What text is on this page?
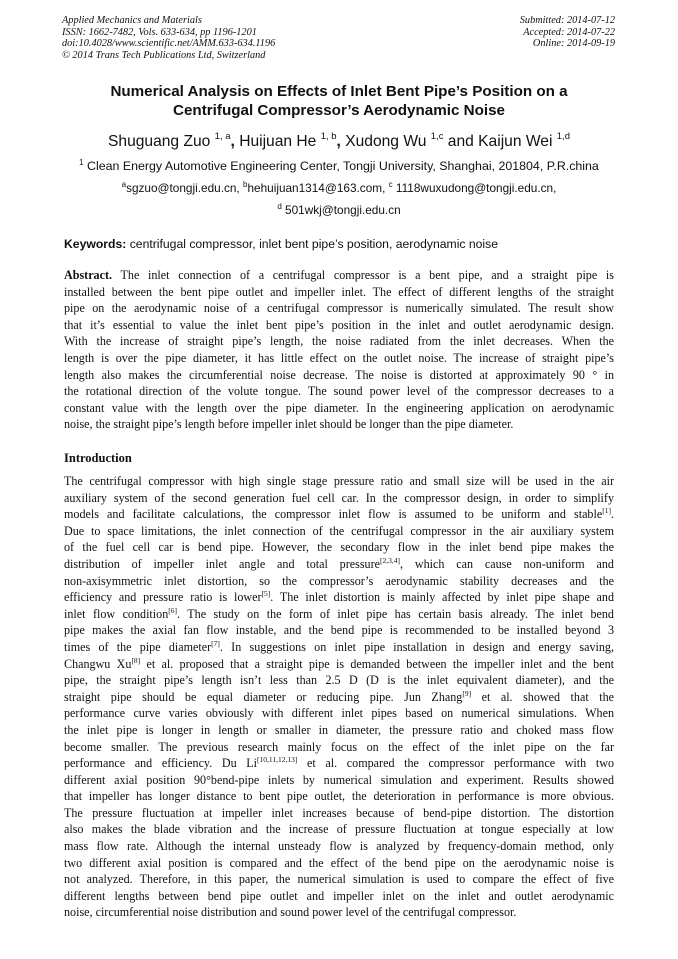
Applied Mechanics and Materials
ISSN: 1662-7482, Vols. 633-634, pp 1196-1201
doi:10.4028/www.scientific.net/AMM.633-634.1196
© 2014 Trans Tech Publications Ltd, Switzerland
Submitted: 2014-07-12
Accepted: 2014-07-22
Online: 2014-09-19
Numerical Analysis on Effects of Inlet Bent Pipe’s Position on a
Centrifugal Compressor’s Aerodynamic Noise
Shuguang Zuo $^{1, a}$, Huijuan He $^{1, b}$, Xudong Wu $^{1,c}$ and Kaijun Wei $^{1,d}$
$^1$ Clean Energy Automotive Engineering Center, Tongji University, Shanghai, 201804, P.R.china
$^a$sgzuo@tongji.edu.cn, $^b$hehuijuan1314@163.com, $^c$ 1118wuxudong@tongji.edu.cn,
$^d$ 501wkj@tongji.edu.cn
Keywords: centrifugal compressor, inlet bent pipe’s position, aerodynamic noise
Abstract. The inlet connection of a centrifugal compressor is a bent pipe, and a straight pipe is
installed between the bent pipe outlet and impeller inlet. The effect of different lengths of the straight
pipe on the aerodynamic noise of a centrifugal compressor is numerically simulated. The result show
that it’s essential to value the inlet bent pipe’s position in the inlet and outlet aerodynamic design.
With the increase of straight pipe’s length, the noise radiated from the inlet decreases. When the
length is over the pipe diameter, it has little effect on the outlet noise. The increase of straight pipe’s
length also makes the circumferential noise decrease. The noise is distorted at approximately 90 ° in
the rotational direction of the volute tongue. The sound power level of the compressor decreases to a
constant value with the length over the pipe diameter. In the engineering application on aerodynamic
noise, the straight pipe’s length before impeller inlet should be longer than the pipe diameter.
Introduction
The centrifugal compressor with high single stage pressure ratio and small size will be used in the air
auxiliary system of the second generation fuel cell car. In the compressor design, in order to simplify
models and facilitate calculations, the compressor inlet flow is assumed to be uniform and stable[1].
Due to space limitations, the inlet connection of the centrifugal compressor in the air auxiliary system
of the fuel cell car is bend pipe. However, the secondary flow in the inlet bend pipe makes the
distribution of impeller inlet angle and total pressure[2,3,4], which can cause non-uniform and
non-axisymmetric inlet distortion, so the compressor’s aerodynamic stability decreases and the
efficiency and pressure ratio is lower[5]. The inlet distortion is mainly affected by inlet pipe shape and
inlet flow condition[6]. The study on the form of inlet pipe has certain basis already. The inlet bend
pipe makes the axial fan flow instable, and the bend pipe is recommended to be installed beyond 3
times of the pipe diameter[7]. In suggestions on inlet pipe installation in design and energy saving,
Changwu Xu[8] et al. proposed that a straight pipe is demanded between the impeller inlet and the bent
pipe, the straight pipe’s length isn’t less than 2.5 D (D is the inlet equivalent diameter), and the
straight pipe should be equal diameter or reducing pipe. Jun Zhang[9] et al. showed that the
performance curve varies obviously with different inlet pipes based on numerical simulations. When
the inlet pipe is longer in length or smaller in diameter, the pressure ratio and choked mass flow
become smaller. The previous research mainly focus on the effect of the inlet pipe on the far
performance and efficiency. Du Li[10,11,12,13] et al. compared the compressor performance with two
different axial position 90°bend-pipe inlets by numerical simulation and experiment. Results showed
that impeller has longer distance to bent pipe outlet, the deterioration in performance is more obvious.
The pressure fluctuation at impeller inlet increases because of bend-pipe distortion. The distortion
also makes the blade vibration and the increase of pressure fluctuation at tongue especially at low
mass flow rate. Although the internal unsteady flow is analyzed by frequency-domain method, only
two different axial position is compared and the effect of the bend pipe on the aerodynamic noise is
not analyzed. Therefore, in this paper, the numerical simulation is used to compare the effect of five
different lengths between bend pipe outlet and impeller inlet on the inlet and outlet aerodynamic
noise, circumferential noise distribution and sound power level of the centrifugal compressor.
